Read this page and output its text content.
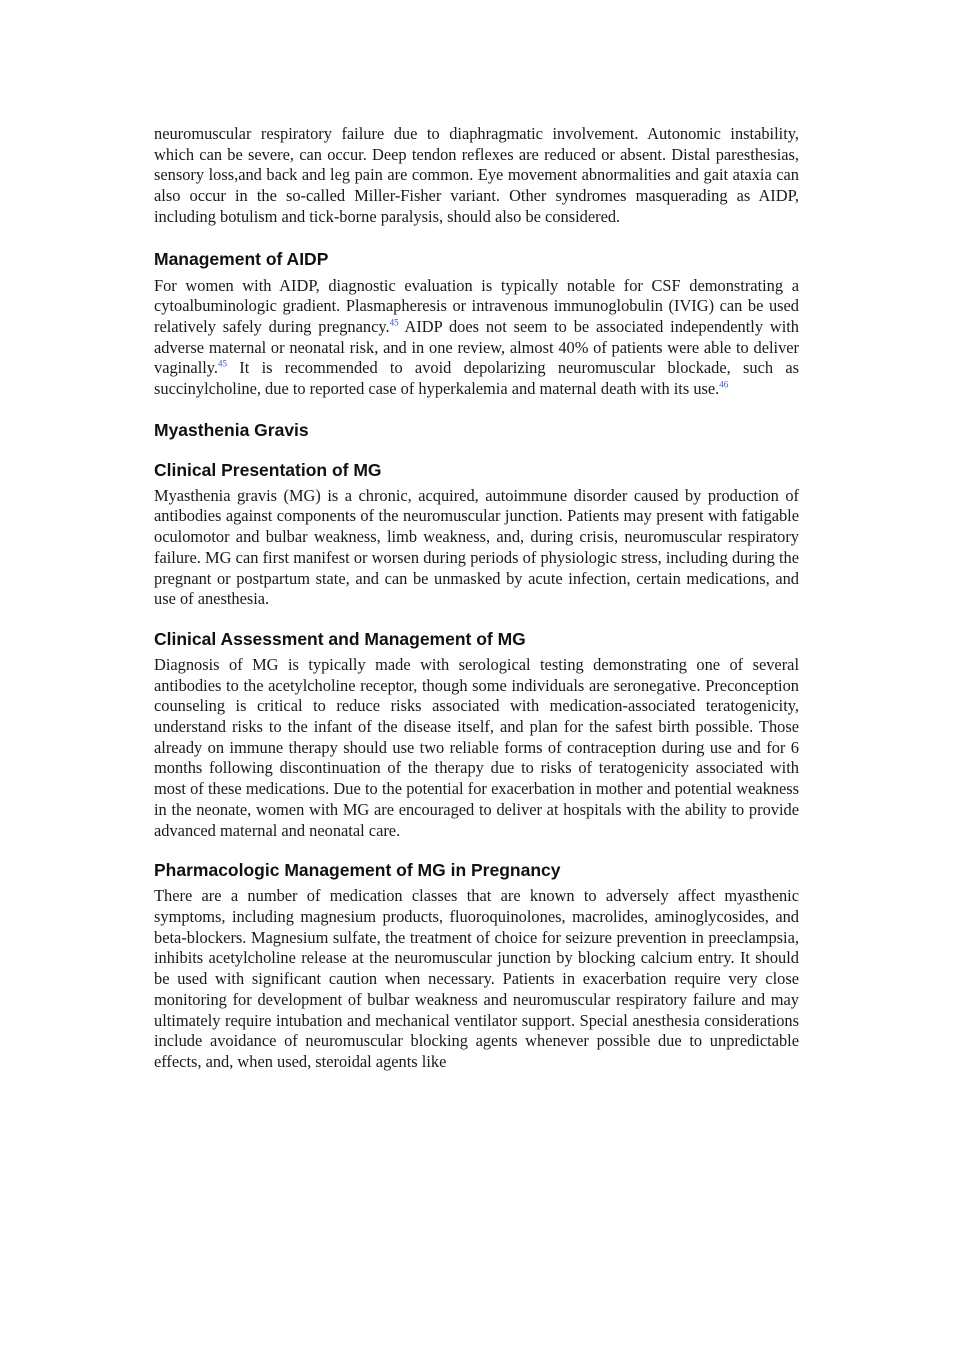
neuromuscular respiratory failure due to diaphragmatic involvement. Autonomic instability, which can be severe, can occur. Deep tendon reflexes are reduced or absent. Distal paresthesias, sensory loss,and back and leg pain are common. Eye movement abnormalities and gait ataxia can also occur in the so-called Miller-Fisher variant. Other syndromes masquerading as AIDP, including botulism and tick-borne paralysis, should also be considered.

Management of AIDP

For women with AIDP, diagnostic evaluation is typically notable for CSF demonstrating a cytoalbuminologic gradient. Plasmapheresis or intravenous immunoglobulin (IVIG) can be used relatively safely during pregnancy.$^{45}$ AIDP does not seem to be associated independently with adverse maternal or neonatal risk, and in one review, almost 40% of patients were able to deliver vaginally.$^{45}$ It is recommended to avoid depolarizing neuromuscular blockade, such as succinylcholine, due to reported case of hyperkalemia and maternal death with its use.$^{46}$

Myasthenia Gravis
Clinical Presentation of MG

Myasthenia gravis (MG) is a chronic, acquired, autoimmune disorder caused by production of antibodies against components of the neuromuscular junction. Patients may present with fatigable oculomotor and bulbar weakness, limb weakness, and, during crisis, neuromuscular respiratory failure. MG can first manifest or worsen during periods of physiologic stress, including during the pregnant or postpartum state, and can be unmasked by acute infection, certain medications, and use of anesthesia.

Clinical Assessment and Management of MG

Diagnosis of MG is typically made with serological testing demonstrating one of several antibodies to the acetylcholine receptor, though some individuals are seronegative. Preconception counseling is critical to reduce risks associated with medication-associated teratogenicity, understand risks to the infant of the disease itself, and plan for the safest birth possible. Those already on immune therapy should use two reliable forms of contraception during use and for 6 months following discontinuation of the therapy due to risks of teratogenicity associated with most of these medications. Due to the potential for exacerbation in mother and potential weakness in the neonate, women with MG are encouraged to deliver at hospitals with the ability to provide advanced maternal and neonatal care.

Pharmacologic Management of MG in Pregnancy

There are a number of medication classes that are known to adversely affect myasthenic symptoms, including magnesium products, fluoroquinolones, macrolides, aminoglycosides, and beta-blockers. Magnesium sulfate, the treatment of choice for seizure prevention in preeclampsia, inhibits acetylcholine release at the neuromuscular junction by blocking calcium entry. It should be used with significant caution when necessary. Patients in exacerbation require very close monitoring for development of bulbar weakness and neuromuscular respiratory failure and may ultimately require intubation and mechanical ventilator support. Special anesthesia considerations include avoidance of neuromuscular blocking agents whenever possible due to unpredictable effects, and, when used, steroidal agents like
